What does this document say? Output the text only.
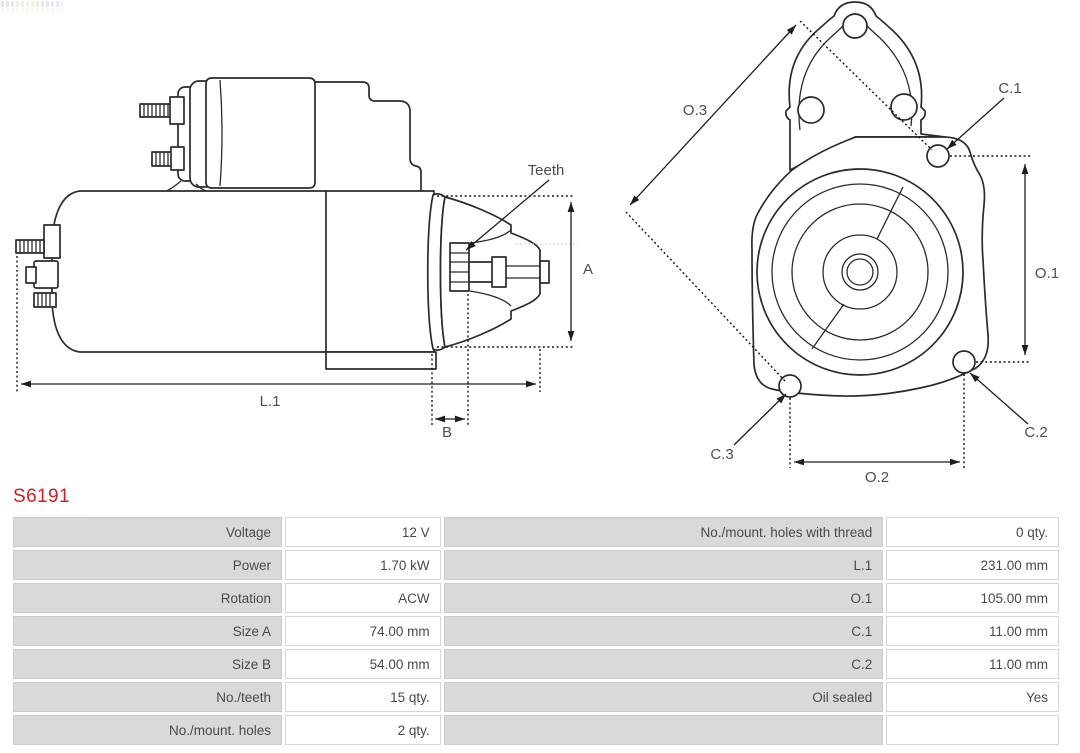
A
L.1
B
Teeth
O.3
O.1
O.2
C.1
C.2
C.3
S6191
Voltage	12 V	No./mount. holes with thread	0 qty.
Power	1.70 kW	L.1	231.00 mm
Rotation	ACW	O.1	105.00 mm
Size A	74.00 mm	C.1	11.00 mm
Size B	54.00 mm	C.2	11.00 mm
No./teeth	15 qty.	Oil sealed	Yes
No./mount. holes	2 qty.		
